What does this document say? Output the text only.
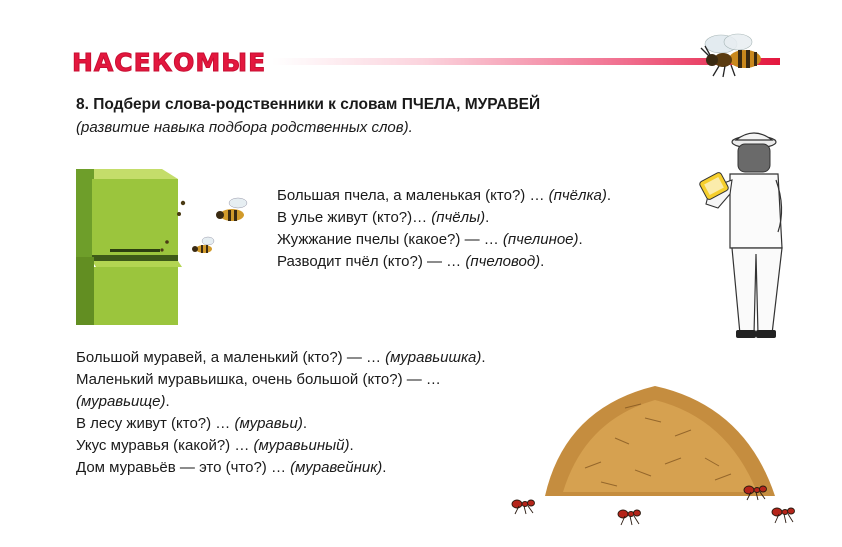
НАСЕКОМЫЕ
8. Подбери слова-родственники к словам ПЧЕЛА, МУРАВЕЙ
(развитие навыка подбора родственных слов).
Большая пчела, а маленькая (кто?) … (пчёлка).
В улье живут (кто?)… (пчёлы).
Жужжание пчелы (какое?) — … (пчелиное).
Разводит пчёл (кто?) — … (пчеловод).
Большой муравей, а маленький (кто?) — … (муравьишка).
Маленький муравьишка, очень большой (кто?) — …
(муравьище).
В лесу живут (кто?) … (муравьи).
Укус муравья (какой?) … (муравьиный).
Дом муравьёв — это (что?) … (муравейник).
